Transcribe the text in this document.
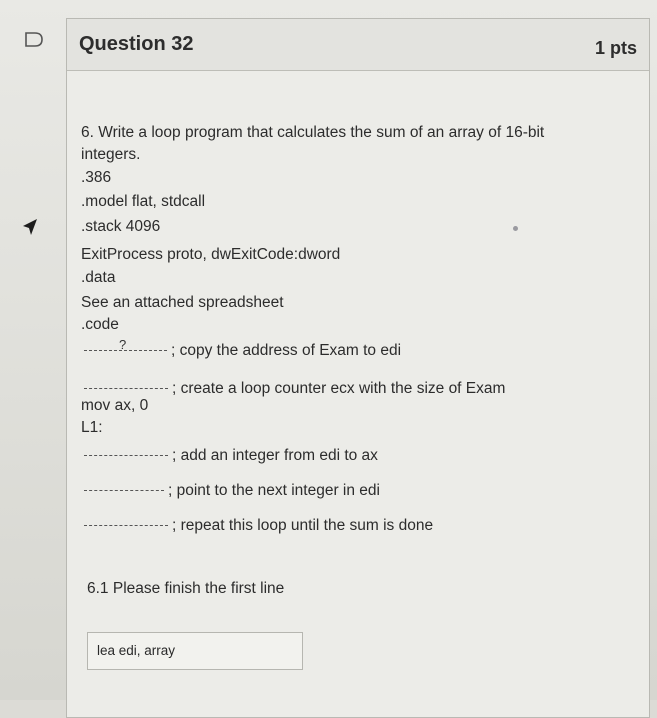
Question 32	1 pts
6. Write a loop program that calculates the sum of an array of 16-bit
integers.
.386
.model flat, stdcall
.stack 4096
ExitProcess proto, dwExitCode:dword
.data
See an attached spreadsheet
.code
?	; copy the address of Exam to edi
; create a loop counter ecx with the size of Exam
mov ax, 0
L1:
; add an integer from edi to ax
; point to the next integer in edi
; repeat this loop until the sum is done
6.1 Please finish the first line
lea edi, array
